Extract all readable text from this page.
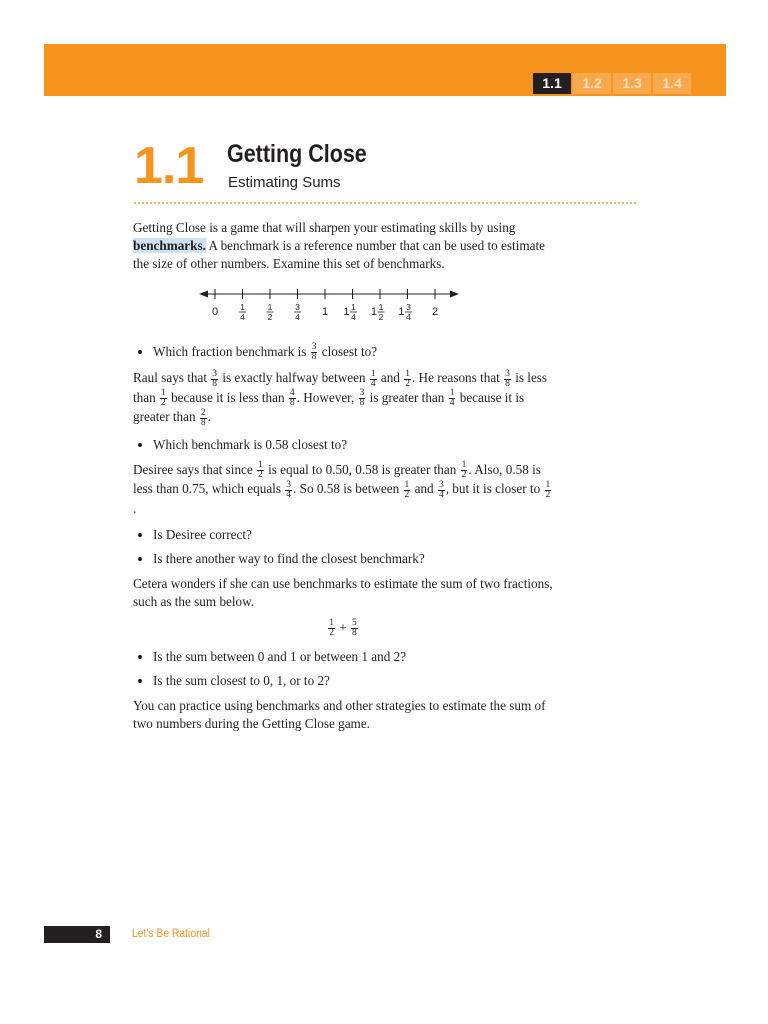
1.1	1.2	1.3	1.4
1.1 Getting Close
Estimating Sums

Getting Close is a game that will sharpen your estimating skills by using benchmarks. A benchmark is a reference number that can be used to estimate the size of other numbers. Examine this set of benchmarks.

0	1
4
1
2
3
4 1 1 1
4 1 1
2 1 3
4 2
• Which fraction benchmark is $\frac{3}{8}$ closest to?

Raul says that $\frac{3}{8}$ is exactly halfway between $\frac{1}{4}$ and $\frac{1}{2}$ . He reasons that $\frac{3}{8}$ is less than $\frac{1}{2}$ because it is less than $\frac{4}{8}$ . However, $\frac{3}{8}$ is greater than $\frac{1}{4}$ because it is greater than $\frac{2}{8}$ .

• Which benchmark is 0.58 closest to?

Desiree says that since $\frac{1}{2}$ is equal to 0.50, 0.58 is greater than $\frac{1}{2}$ . Also, 0.58 is less than 0.75, which equals $\frac{3}{4}$ . So 0.58 is between $\frac{1}{2}$ and $\frac{3}{4}$ , but it is closer to $\frac{1}{2}$
.

• Is Desiree correct?
• Is there another way to find the closest benchmark?

Cetera wonders if she can use benchmarks to estimate the sum of two fractions, such as the sum below.

$\frac{1}{2} + \frac{5}{8}$
• Is the sum between 0 and 1 or between 1 and 2?
• Is the sum closest to 0, 1, or to 2?

You can practice using benchmarks and other strategies to estimate the sum of two numbers during the Getting Close game.

8	Let's Be Rational
